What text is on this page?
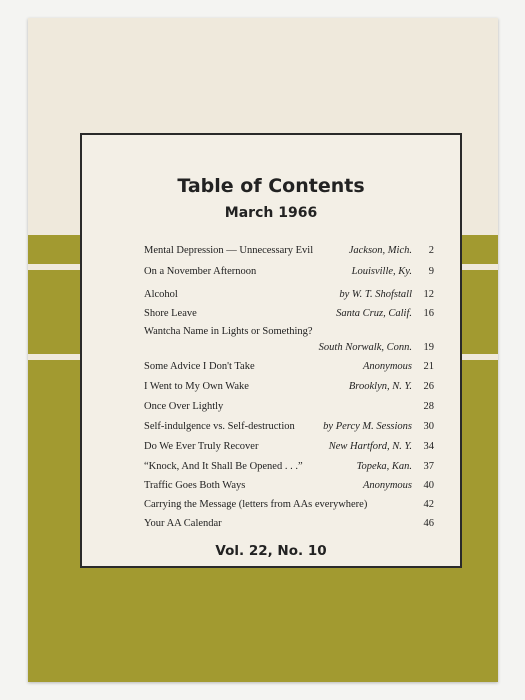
Table of Contents
March 1966
Mental Depression — Unnecessary Evil	Jackson, Mich.	2
On a November Afternoon	Louisville, Ky.	9
Alcohol	by W. T. Shofstall	12
Shore Leave	Santa Cruz, Calif.	16
Wantcha Name in Lights or Something?
South Norwalk, Conn.	19
Some Advice I Don't Take	Anonymous	21
I Went to My Own Wake	Brooklyn, N. Y.	26
Once Over Lightly	28
Self-indulgence vs. Self-destruction	by Percy M. Sessions	30
Do We Ever Truly Recover	New Hartford, N. Y.	34
“Knock, And It Shall Be Opened . . .”	Topeka, Kan.	37
Traffic Goes Both Ways	Anonymous	40
Carrying the Message (letters from AAs everywhere)	42
Your AA Calendar	46
Vol. 22, No. 10
